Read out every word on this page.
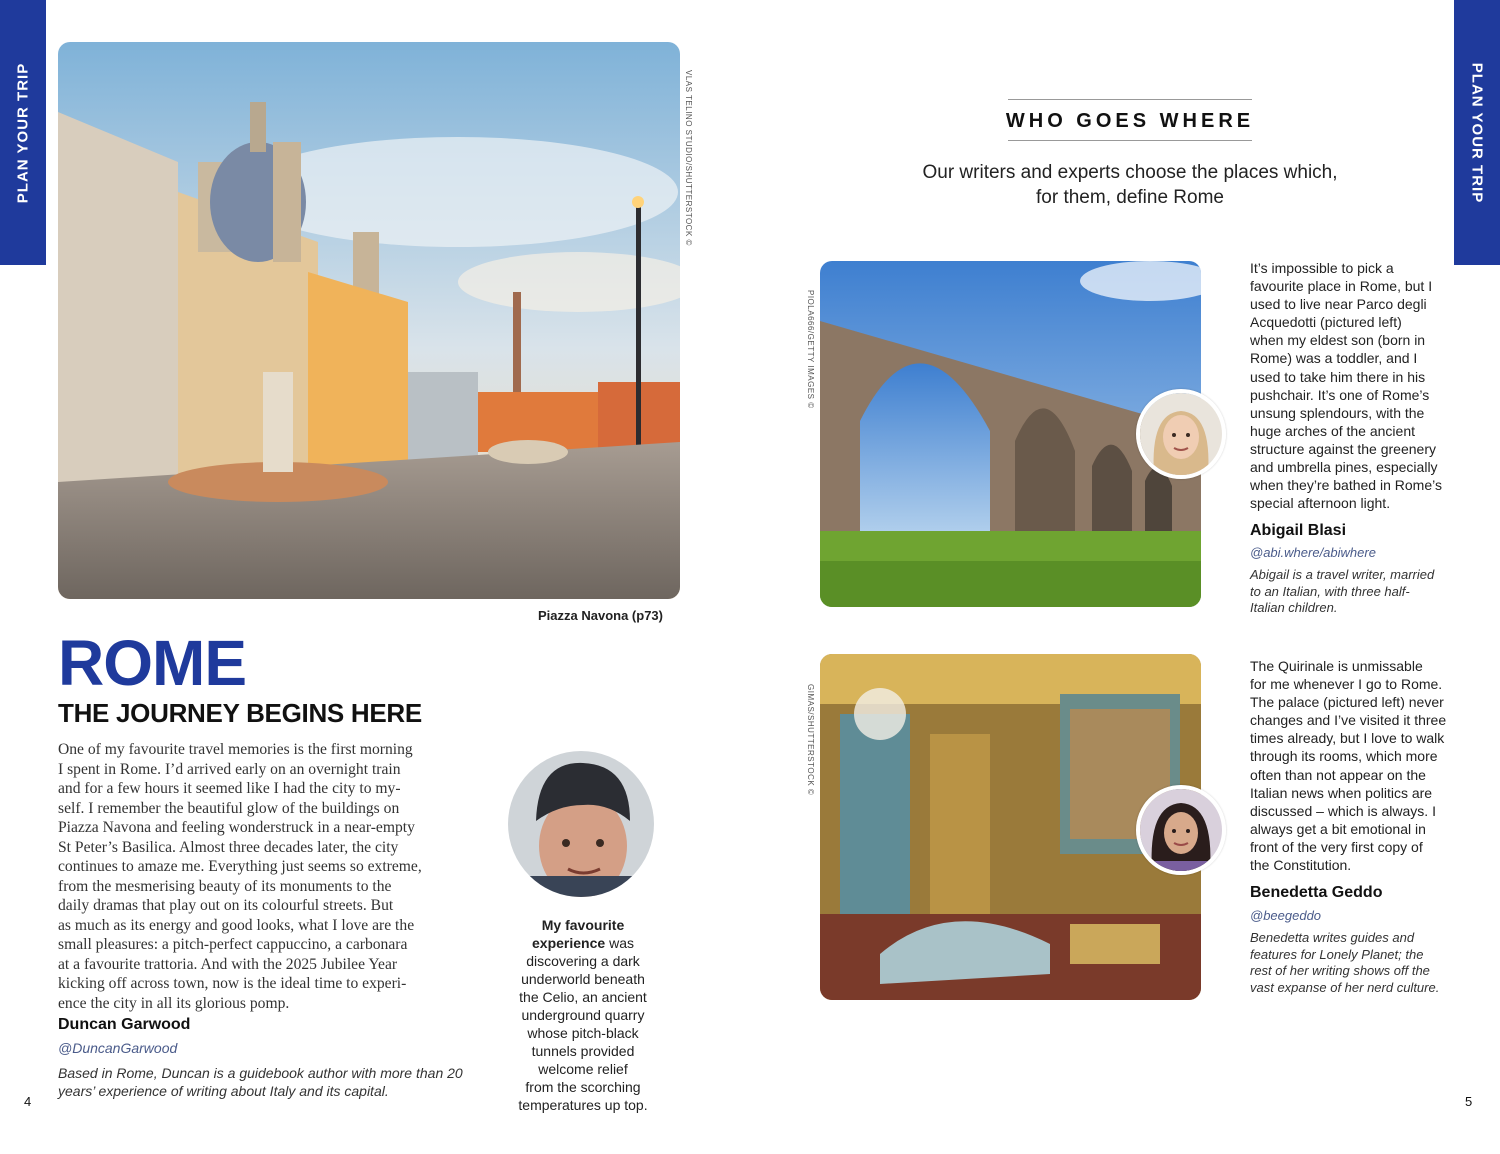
PLAN YOUR TRIP	PLAN YOUR TRIP
VLAS TELINO STUDIO/SHUTTERSTOCK ©
Piazza Navona (p73)
ROME
THE JOURNEY BEGINS HERE
One of my favourite travel memories is the first morning
I spent in Rome. I’d arrived early on an overnight train
and for a few hours it seemed like I had the city to my-
self. I remember the beautiful glow of the buildings on
Piazza Navona and feeling wonderstruck in a near-empty
St Peter’s Basilica. Almost three decades later, the city
continues to amaze me. Everything just seems so extreme,
from the mesmerising beauty of its monuments to the
daily dramas that play out on its colourful streets. But
as much as its energy and good looks, what I love are the
small pleasures: a pitch-perfect cappuccino, a carbonara
at a favourite trattoria. And with the 2025 Jubilee Year
kicking off across town, now is the ideal time to experi-
ence the city in all its glorious pomp.
Duncan Garwood
@DuncanGarwood
Based in Rome, Duncan is a guidebook author with more than 20
years’ experience of writing about Italy and its capital.
My favourite
experience was
discovering a dark
underworld beneath
the Celio, an ancient
underground quarry
whose pitch-black
tunnels provided
welcome relief
from the scorching
temperatures up top.
4
WHO GOES WHERE
Our writers and experts choose the places which,
for them, define Rome
PIOLA666/GETTY IMAGES ©
It’s impossible to pick a
favourite place in Rome, but I
used to live near Parco degli
Acquedotti (pictured left)
when my eldest son (born in
Rome) was a toddler, and I
used to take him there in his
pushchair. It’s one of Rome’s
unsung splendours, with the
huge arches of the ancient
structure against the greenery
and umbrella pines, especially
when they’re bathed in Rome’s
special afternoon light.
Abigail Blasi
@abi.where/abiwhere
Abigail is a travel writer, married
to an Italian, with three half-
Italian children.
GIMAS/SHUTTERSTOCK ©
The Quirinale is unmissable
for me whenever I go to Rome.
The palace (pictured left) never
changes and I’ve visited it three
times already, but I love to walk
through its rooms, which more
often than not appear on the
Italian news when politics are
discussed – which is always. I
always get a bit emotional in
front of the very first copy of
the Constitution.
Benedetta Geddo
@beegeddo
Benedetta writes guides and
features for Lonely Planet; the
rest of her writing shows off the
vast expanse of her nerd culture.
5
